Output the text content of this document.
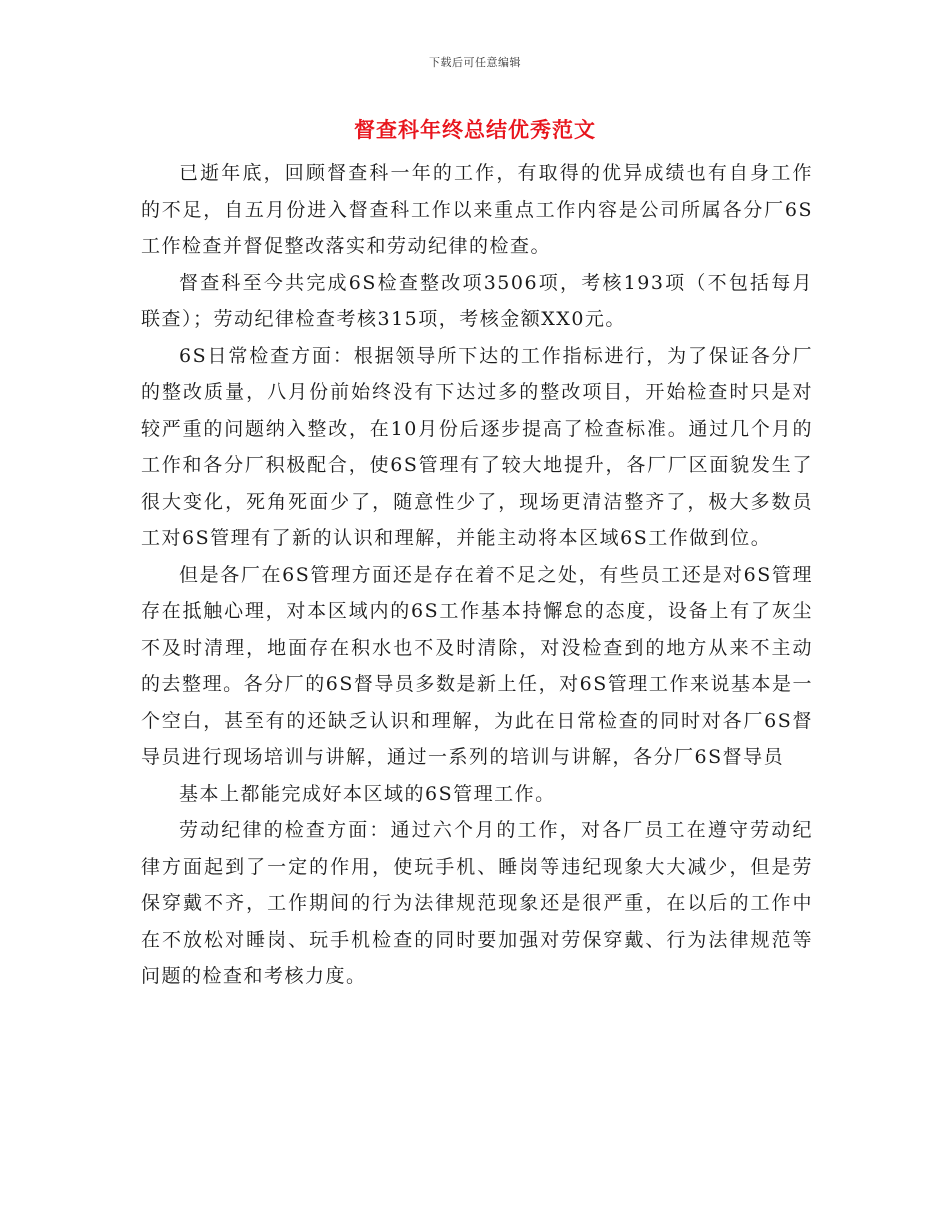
下载后可任意编辑
督查科年终总结优秀范文

已逝年底，回顾督查科一年的工作，有取得的优异成绩也有自身工作的不足，自五月份进入督查科工作以来重点工作内容是公司所属各分厂6S工作检查并督促整改落实和劳动纪律的检查。

督查科至今共完成6S检查整改项3506项，考核193项（不包括每月联查）；劳动纪律检查考核315项，考核金额XX0元。

6S日常检查方面：根据领导所下达的工作指标进行，为了保证各分厂的整改质量，八月份前始终没有下达过多的整改项目，开始检查时只是对较严重的问题纳入整改，在10月份后逐步提高了检查标准。通过几个月的工作和各分厂积极配合，使6S管理有了较大地提升，各厂厂区面貌发生了很大变化，死角死面少了，随意性少了，现场更清洁整齐了，极大多数员工对6S管理有了新的认识和理解，并能主动将本区域6S工作做到位。

但是各厂在6S管理方面还是存在着不足之处，有些员工还是对6S管理存在抵触心理，对本区域内的6S工作基本持懈怠的态度，设备上有了灰尘不及时清理，地面存在积水也不及时清除，对没检查到的地方从来不主动的去整理。各分厂的6S督导员多数是新上任，对6S管理工作来说基本是一个空白，甚至有的还缺乏认识和理解，为此在日常检查的同时对各厂6S督导员进行现场培训与讲解，通过一系列的培训与讲解，各分厂6S督导员

基本上都能完成好本区域的6S管理工作。

劳动纪律的检查方面：通过六个月的工作，对各厂员工在遵守劳动纪律方面起到了一定的作用，使玩手机、睡岗等违纪现象大大减少，但是劳保穿戴不齐，工作期间的行为法律规范现象还是很严重，在以后的工作中在不放松对睡岗、玩手机检查的同时要加强对劳保穿戴、行为法律规范等问题的检查和考核力度。
